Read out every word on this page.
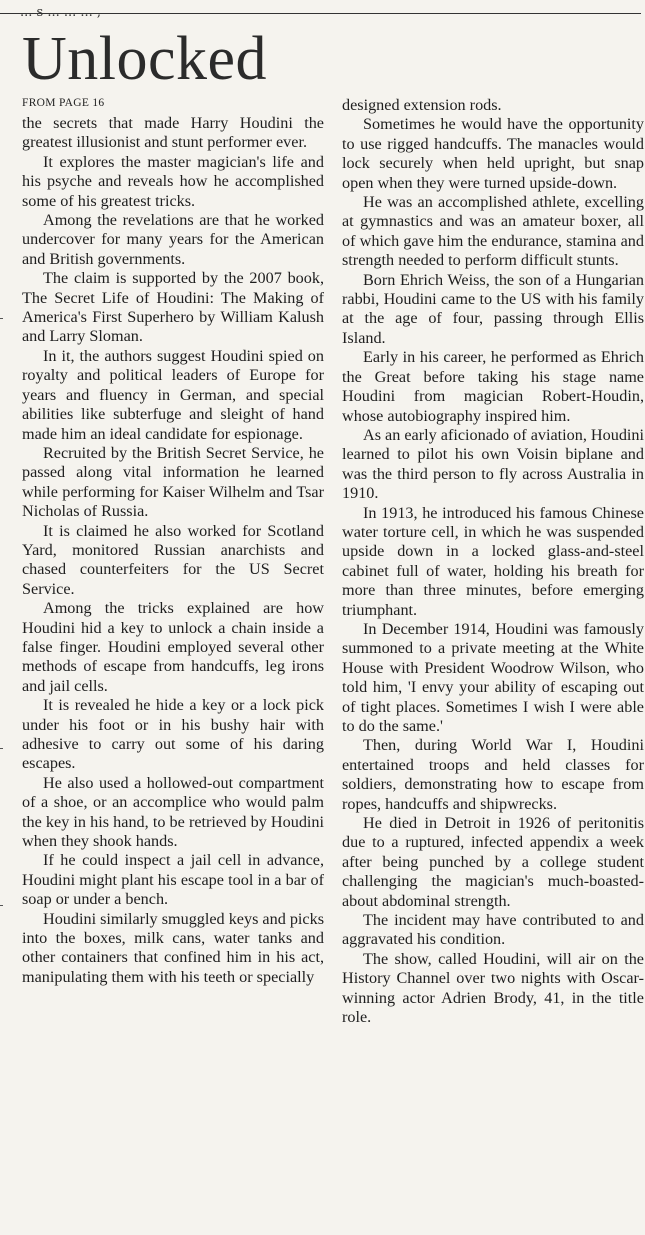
... s ... ... ... ,
Unlocked
FROM PAGE 16

the secrets that made Harry Houdini the greatest illusionist and stunt performer ever.

It explores the master magician's life and his psyche and reveals how he accomplished some of his greatest tricks.

Among the revelations are that he worked undercover for many years for the American and British governments.

The claim is supported by the 2007 book, The Secret Life of Houdini: The Making of America's First Superhero by William Kalush and Larry Sloman.

In it, the authors suggest Houdini spied on royalty and political leaders of Europe for years and fluency in German, and special abilities like subterfuge and sleight of hand made him an ideal candidate for espionage.

Recruited by the British Secret Service, he passed along vital information he learned while performing for Kaiser Wilhelm and Tsar Nicholas of Russia.

It is claimed he also worked for Scotland Yard, monitored Russian anarchists and chased counterfeiters for the US Secret Service.

Among the tricks explained are how Houdini hid a key to unlock a chain inside a false finger. Houdini employed several other methods of escape from handcuffs, leg irons and jail cells.

It is revealed he hide a key or a lock pick under his foot or in his bushy hair with adhesive to carry out some of his daring escapes.

He also used a hollowed-out compartment of a shoe, or an accomplice who would palm the key in his hand, to be retrieved by Houdini when they shook hands.

If he could inspect a jail cell in advance, Houdini might plant his escape tool in a bar of soap or under a bench.

Houdini similarly smuggled keys and picks into the boxes, milk cans, water tanks and other containers that confined him in his act, manipulating them with his teeth or specially

designed extension rods.

Sometimes he would have the opportunity to use rigged handcuffs. The manacles would lock securely when held upright, but snap open when they were turned upside-down.

He was an accomplished athlete, excelling at gymnastics and was an amateur boxer, all of which gave him the endurance, stamina and strength needed to perform difficult stunts.

Born Ehrich Weiss, the son of a Hungarian rabbi, Houdini came to the US with his family at the age of four, passing through Ellis Island.

Early in his career, he performed as Ehrich the Great before taking his stage name Houdini from magician Robert-Houdin, whose autobiography inspired him.

As an early aficionado of aviation, Houdini learned to pilot his own Voisin biplane and was the third person to fly across Australia in 1910.

In 1913, he introduced his famous Chinese water torture cell, in which he was suspended upside down in a locked glass-and-steel cabinet full of water, holding his breath for more than three minutes, before emerging triumphant.

In December 1914, Houdini was famously summoned to a private meeting at the White House with President Woodrow Wilson, who told him, 'I envy your ability of escaping out of tight places. Sometimes I wish I were able to do the same.'

Then, during World War I, Houdini entertained troops and held classes for soldiers, demonstrating how to escape from ropes, handcuffs and shipwrecks.

He died in Detroit in 1926 of peritonitis due to a ruptured, infected appendix a week after being punched by a college student challenging the magician's much-boasted-about abdominal strength.

The incident may have contributed to and aggravated his condition.

The show, called Houdini, will air on the History Channel over two nights with Oscar-winning actor Adrien Brody, 41, in the title role.
